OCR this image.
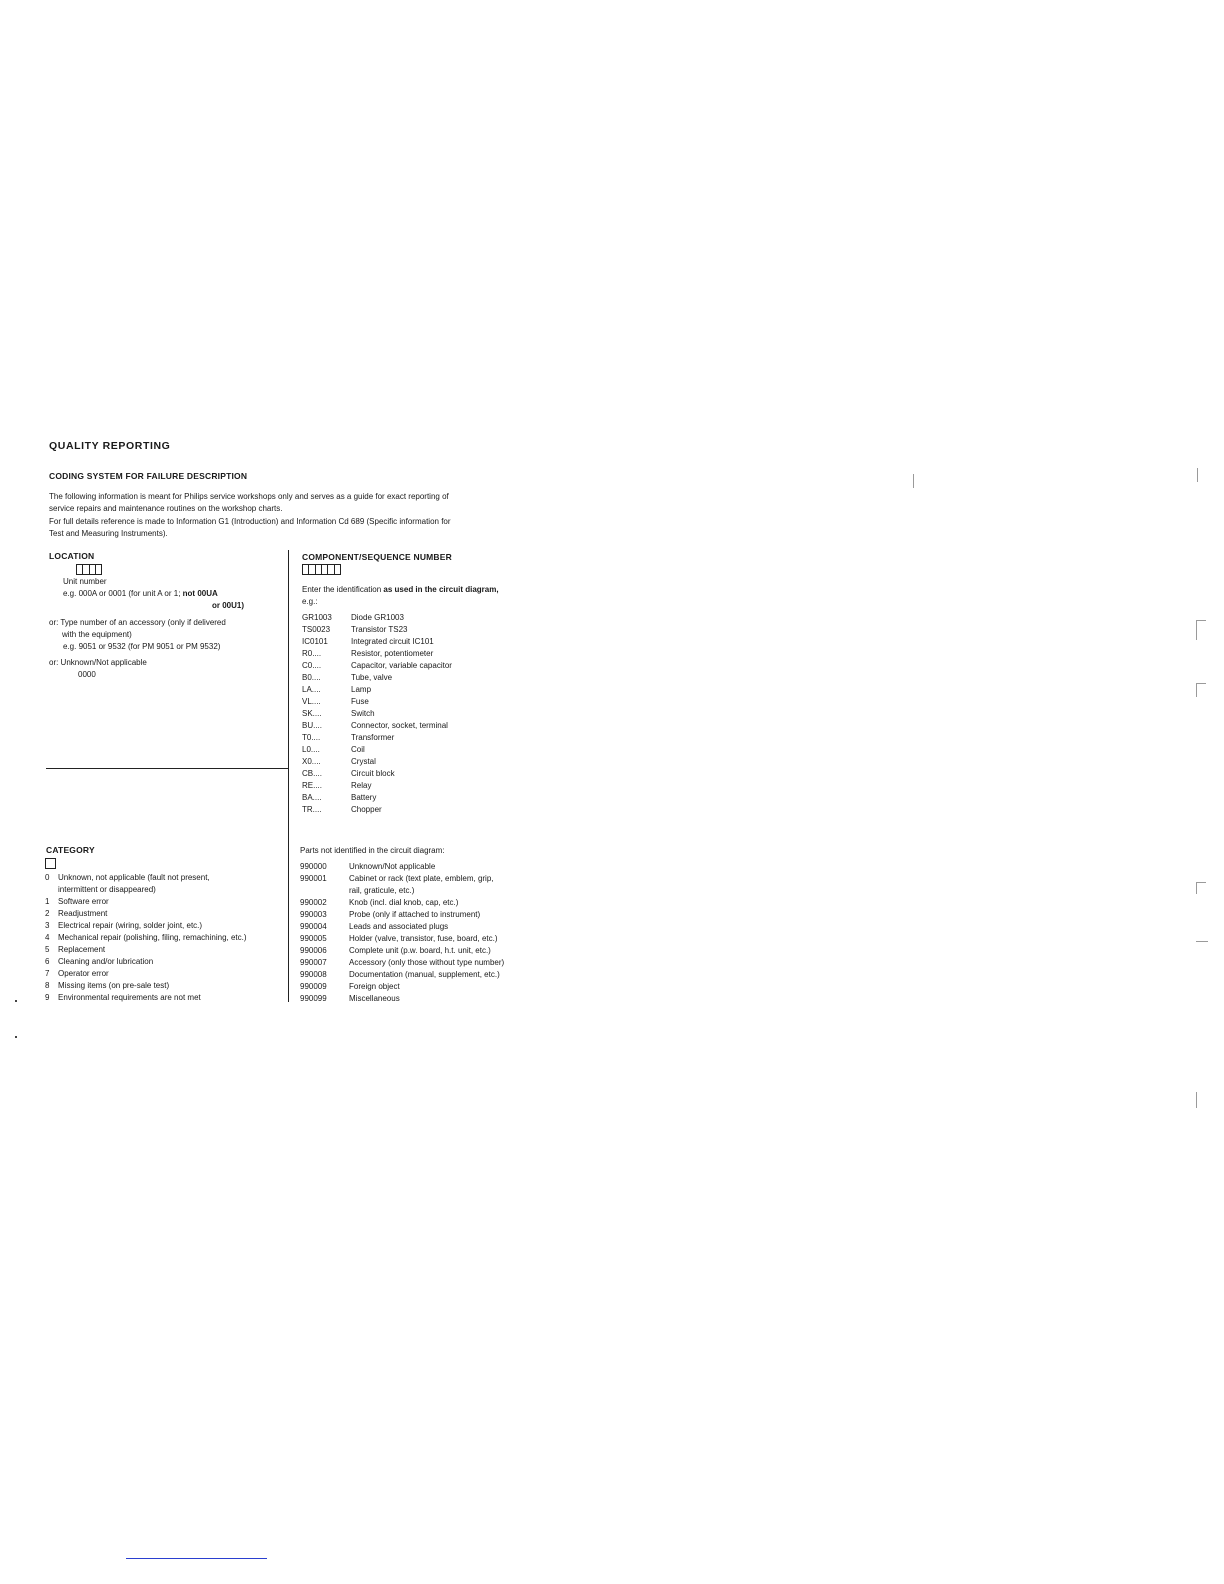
QUALITY REPORTING
CODING SYSTEM FOR FAILURE DESCRIPTION
The following information is meant for Philips service workshops only and serves as a guide for exact reporting of
service repairs and maintenance routines on the workshop charts.
For full details reference is made to Information G1 (Introduction) and Information Cd 689 (Specific information for
Test and Measuring Instruments).
LOCATION
Unit number
e.g. 000A or 0001 (for unit A or 1; not 00UA
or 00U1)
or: Type number of an accessory (only if delivered
with the equipment)
e.g. 9051 or 9532 (for PM 9051 or PM 9532)
or: Unknown/Not applicable
0000
COMPONENT/SEQUENCE NUMBER
Enter the identification as used in the circuit diagram,
e.g.:
GR1003 Diode GR1003
TS0023	Transistor TS23
IC0101	Integrated circuit IC101
R0....	Resistor, potentiometer
C0....	Capacitor, variable capacitor
B0....	Tube, valve
LA....	Lamp
VL....	Fuse
SK....	Switch
BU....	Connector, socket, terminal
T0....	Transformer
L0....	Coil
X0....	Crystal
CB....	Circuit block
RE....	Relay
BA....	Battery
TR....	Chopper
CATEGORY
0 Unknown, not applicable (fault not present,
intermittent or disappeared)
1 Software error
2 Readjustment
3 Electrical repair (wiring, solder joint, etc.)
4 Mechanical repair (polishing, filing, remachining, etc.)
5 Replacement
6 Cleaning and/or lubrication
7 Operator error
8 Missing items (on pre-sale test)
9 Environmental requirements are not met
Parts not identified in the circuit diagram:
990000	Unknown/Not applicable
990001	Cabinet or rack (text plate, emblem, grip,
rail, graticule, etc.)
990002	Knob (incl. dial knob, cap, etc.)
990003	Probe (only if attached to instrument)
990004	Leads and associated plugs
990005	Holder (valve, transistor, fuse, board, etc.)
990006	Complete unit (p.w. board, h.t. unit, etc.)
990007	Accessory (only those without type number)
990008	Documentation (manual, supplement, etc.)
990009	Foreign object
990099	Miscellaneous
